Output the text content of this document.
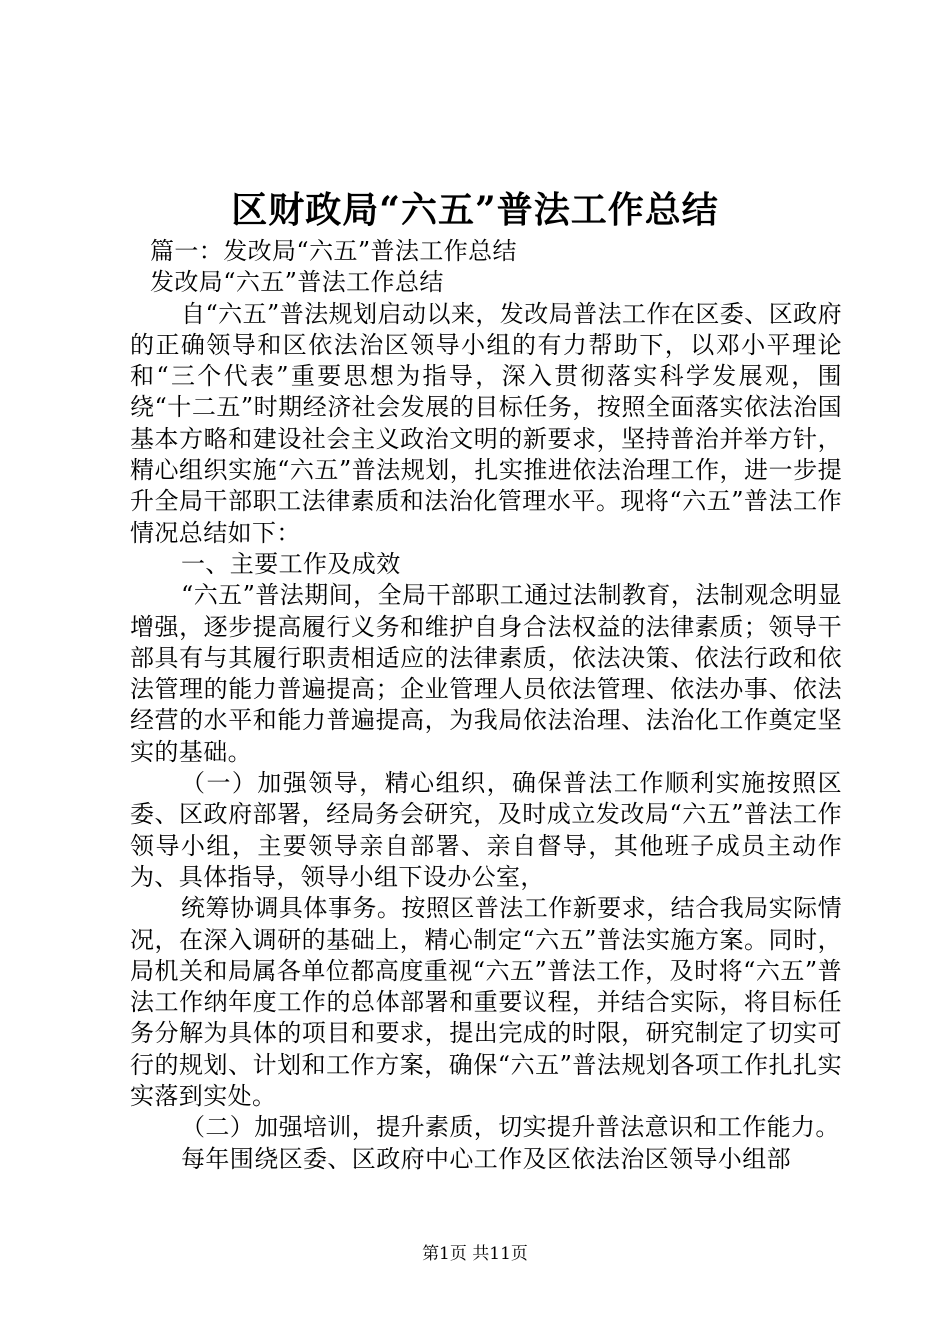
区财政局“六五”普法工作总结

篇一：发改局“六五”普法工作总结

发改局“六五”普法工作总结

自“六五”普法规划启动以来，发改局普法工作在区委、区政府的正确领导和区依法治区领导小组的有力帮助下，以邓小平理论和“三个代表”重要思想为指导，深入贯彻落实科学发展观，围绕“十二五”时期经济社会发展的目标任务，按照全面落实依法治国基本方略和建设社会主义政治文明的新要求，坚持普治并举方针，精心组织实施“六五”普法规划，扎实推进依法治理工作，进一步提升全局干部职工法律素质和法治化管理水平。现将“六五”普法工作情况总结如下：

一、主要工作及成效

“六五”普法期间，全局干部职工通过法制教育，法制观念明显增强，逐步提高履行义务和维护自身合法权益的法律素质；领导干部具有与其履行职责相适应的法律素质，依法决策、依法行政和依法管理的能力普遍提高；企业管理人员依法管理、依法办事、依法经营的水平和能力普遍提高，为我局依法治理、法治化工作奠定坚实的基础。

（一）加强领导，精心组织，确保普法工作顺利实施按照区委、区政府部署，经局务会研究，及时成立发改局“六五”普法工作领导小组，主要领导亲自部署、亲自督导，其他班子成员主动作为、具体指导，领导小组下设办公室，

统筹协调具体事务。按照区普法工作新要求，结合我局实际情况，在深入调研的基础上，精心制定“六五”普法实施方案。同时，局机关和局属各单位都高度重视“六五”普法工作，及时将“六五”普法工作纳年度工作的总体部署和重要议程，并结合实际，将目标任务分解为具体的项目和要求，提出完成的时限，研究制定了切实可行的规划、计划和工作方案，确保“六五”普法规划各项工作扎扎实实落到实处。

（二）加强培训，提升素质，切实提升普法意识和工作能力。

每年围绕区委、区政府中心工作及区依法治区领导小组部

第1页 共11页
